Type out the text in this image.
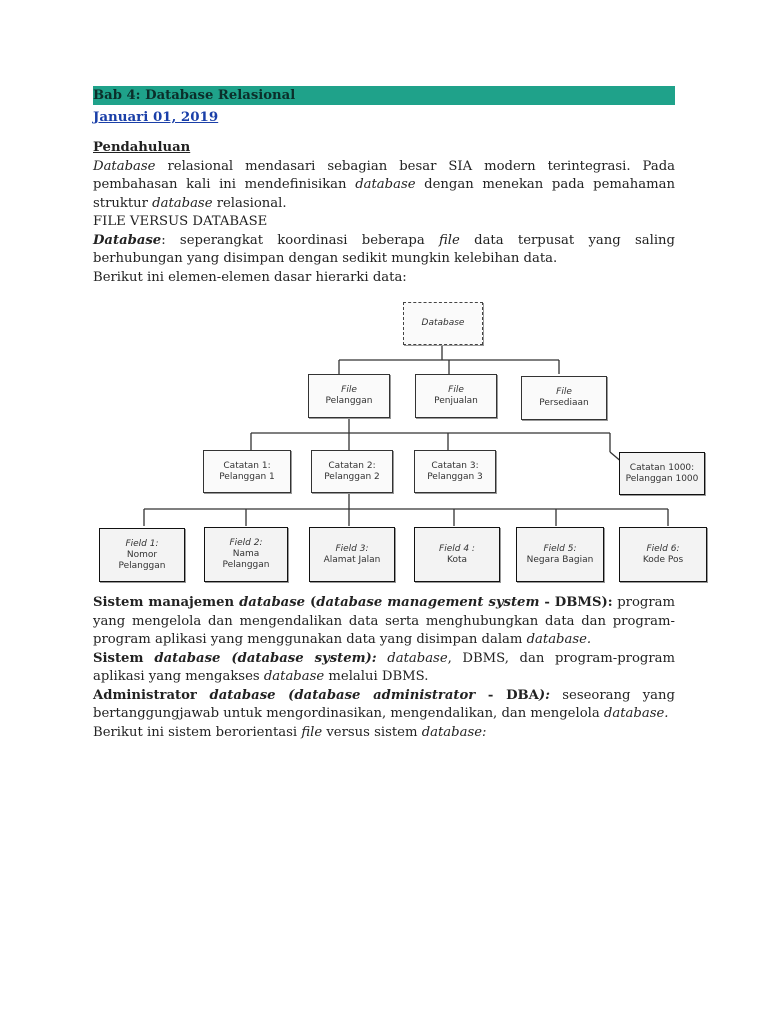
Bab 4: Database Relasional
Januari 01, 2019
Pendahuluan

Database relasional mendasari sebagian besar SIA modern terintegrasi. Pada pembahasan kali ini mendefinisikan database dengan menekan pada pemahaman struktur database relasional.

FILE VERSUS DATABASE

Database: seperangkat koordinasi beberapa file data terpusat yang saling berhubungan yang disimpan dengan sedikit mungkin kelebihan data.

Berikut ini elemen-elemen dasar hierarki data:

Database
File
Pelanggan
File
Penjualan
File
Persediaan
Catatan 1:
Pelanggan 1
Catatan 2:
Pelanggan 2
Catatan 3:
Pelanggan 3
Catatan 1000:
Pelanggan 1000
Field 1:
Nomor
Pelanggan
Field 2:
Nama
Pelanggan
Field 3:
Alamat Jalan
Field 4 :
Kota
Field 5:
Negara Bagian
Field 6:
Kode Pos

Sistem manajemen database (database management system - DBMS): program yang mengelola dan mengendalikan data serta menghubungkan data dan program-program aplikasi yang menggunakan data yang disimpan dalam database.

Sistem database (database system): database, DBMS, dan program-program aplikasi yang mengakses database melalui DBMS.

Administrator database (database administrator - DBA): seseorang yang bertanggungjawab untuk mengordinasikan, mengendalikan, dan mengelola database.

Berikut ini sistem berorientasi file versus sistem database:
